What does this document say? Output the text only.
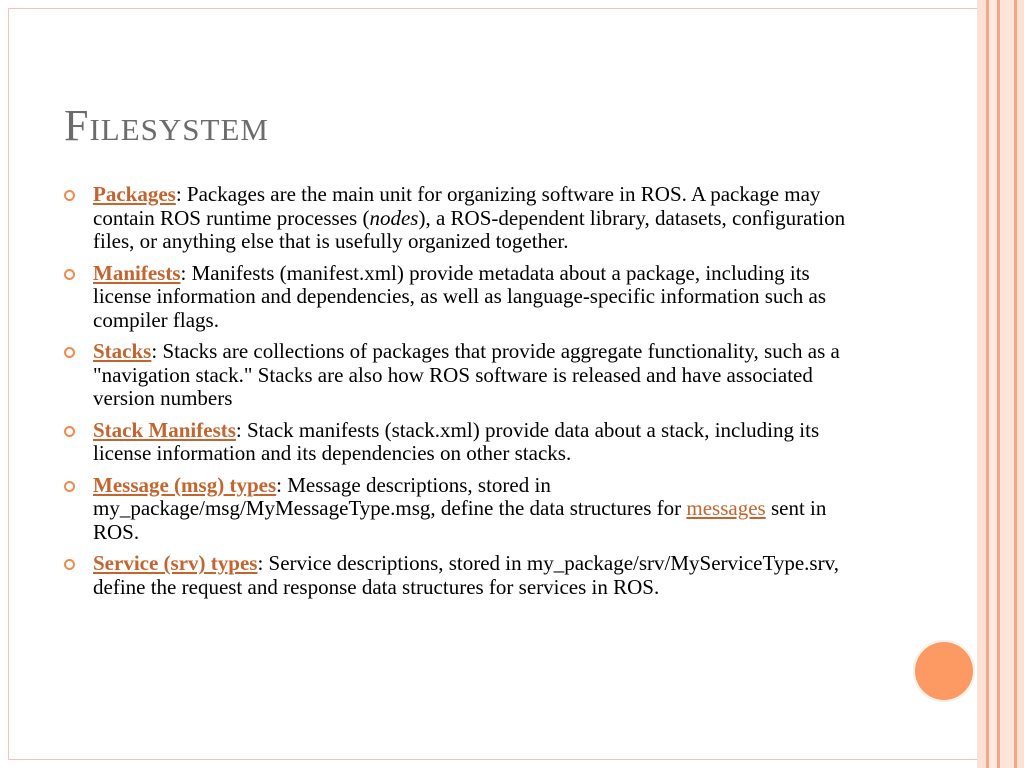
Filesystem
Packages: Packages are the main unit for organizing software in ROS. A package may contain ROS runtime processes (nodes), a ROS-dependent library, datasets, configuration files, or anything else that is usefully organized together.
Manifests: Manifests (manifest.xml) provide metadata about a package, including its license information and dependencies, as well as language-specific information such as compiler flags.
Stacks: Stacks are collections of packages that provide aggregate functionality, such as a "navigation stack." Stacks are also how ROS software is released and have associated version numbers
Stack Manifests: Stack manifests (stack.xml) provide data about a stack, including its license information and its dependencies on other stacks.
Message (msg) types: Message descriptions, stored in my_package/msg/MyMessageType.msg, define the data structures for messages sent in ROS.
Service (srv) types: Service descriptions, stored in my_package/srv/MyServiceType.srv, define the request and response data structures for services in ROS.
